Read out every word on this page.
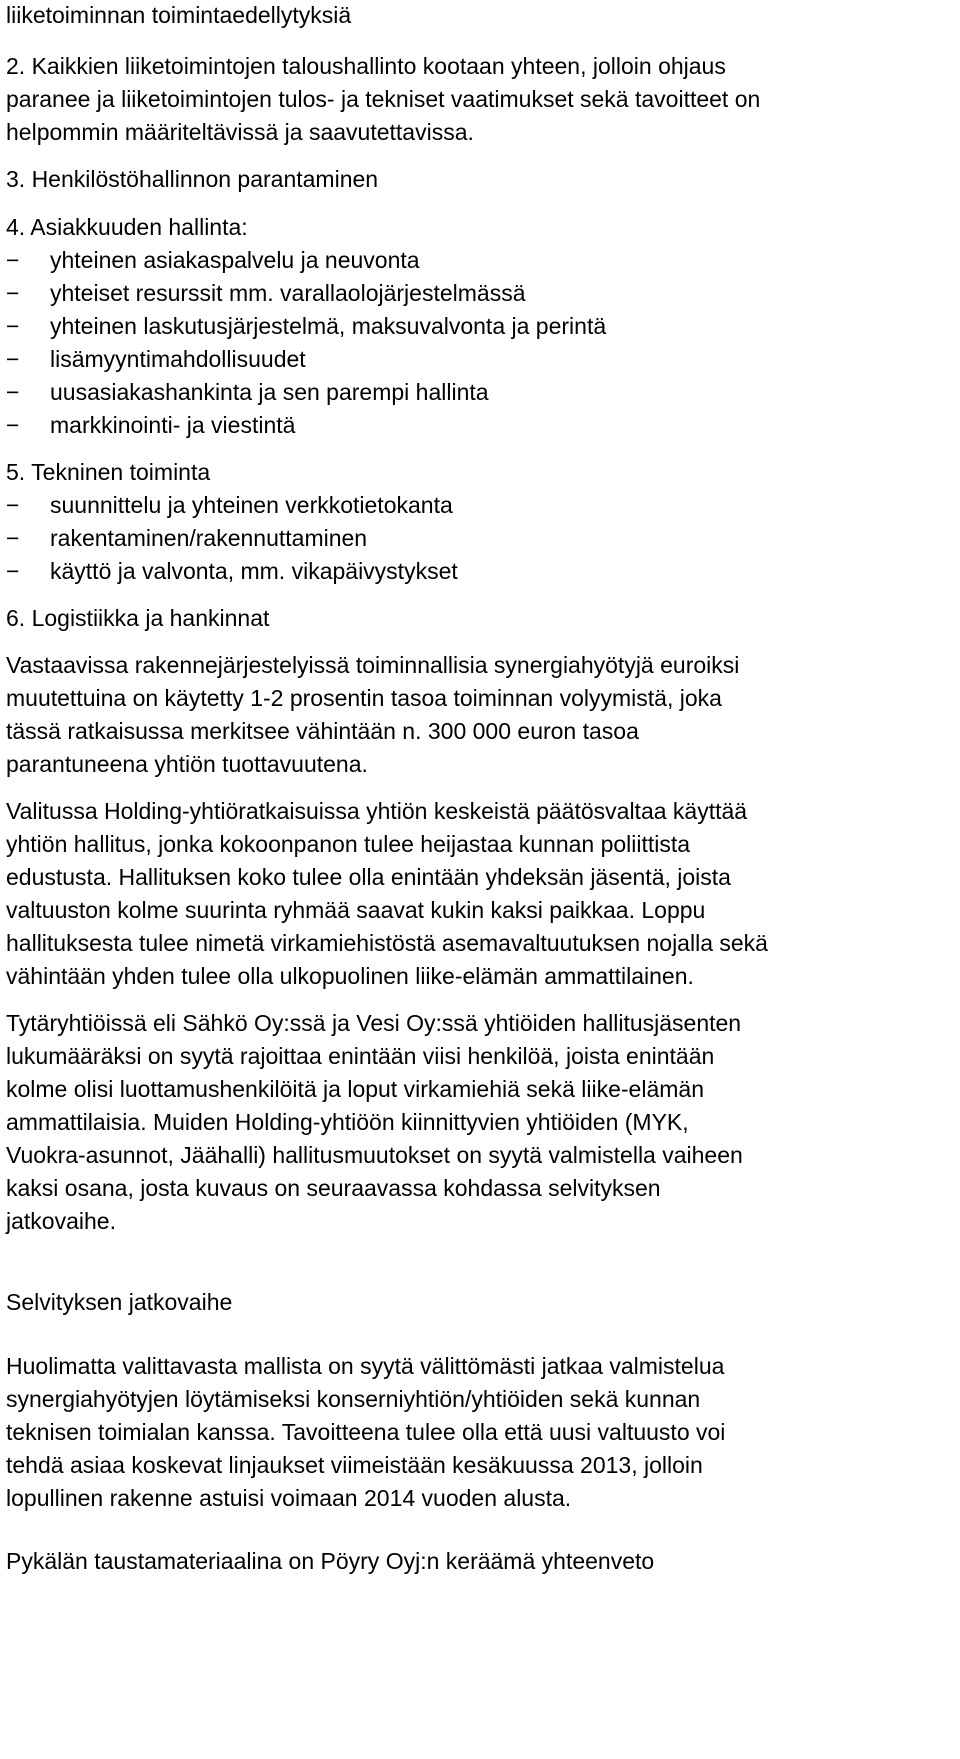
liiketoiminnan toimintaedellytyksiä

2. Kaikkien liiketoimintojen taloushallinto kootaan yhteen, jolloin ohjaus

paranee ja liiketoimintojen tulos- ja tekniset vaatimukset sekä tavoitteet on

helpommin määriteltävissä ja saavutettavissa.

3. Henkilöstöhallinnon parantaminen

4. Asiakkuuden hallinta:

−	yhteinen asiakaspalvelu ja neuvonta
−	yhteiset resurssit mm. varallaolojärjestelmässä
−	yhteinen laskutusjärjestelmä, maksuvalvonta ja perintä
−	lisämyyntimahdollisuudet
−	uusasiakashankinta ja sen parempi hallinta
−	markkinointi- ja viestintä

5. Tekninen toiminta

−	suunnittelu ja yhteinen verkkotietokanta
−	rakentaminen/rakennuttaminen
−	käyttö ja valvonta, mm. vikapäivystykset

6. Logistiikka ja hankinnat

Vastaavissa rakennejärjestelyissä toiminnallisia synergiahyötyjä euroiksi

muutettuina on käytetty 1-2 prosentin tasoa toiminnan volyymistä, joka

tässä ratkaisussa merkitsee vähintään n. 300 000 euron tasoa

parantuneena yhtiön tuottavuutena.

Valitussa Holding-yhtiöratkaisuissa yhtiön keskeistä päätösvaltaa käyttää

yhtiön hallitus, jonka kokoonpanon tulee heijastaa kunnan poliittista

edustusta. Hallituksen koko tulee olla enintään yhdeksän jäsentä, joista

valtuuston kolme suurinta ryhmää saavat kukin kaksi paikkaa. Loppu

hallituksesta tulee nimetä virkamiehistöstä asemavaltuutuksen nojalla sekä

vähintään yhden tulee olla ulkopuolinen liike-elämän ammattilainen.

Tytäryhtiöissä eli Sähkö Oy:ssä ja Vesi Oy:ssä yhtiöiden hallitusjäsenten

lukumääräksi on syytä rajoittaa enintään viisi henkilöä, joista enintään

kolme olisi luottamushenkilöitä ja loput virkamiehiä sekä liike-elämän

ammattilaisia. Muiden Holding-yhtiöön kiinnittyvien yhtiöiden (MYK,

Vuokra-asunnot, Jäähalli) hallitusmuutokset on syytä valmistella vaiheen

kaksi osana, josta kuvaus on seuraavassa kohdassa selvityksen

jatkovaihe.

Selvityksen jatkovaihe

Huolimatta valittavasta mallista on syytä välittömästi jatkaa valmistelua

synergiahyötyjen löytämiseksi konserniyhtiön/yhtiöiden sekä kunnan

teknisen toimialan kanssa. Tavoitteena tulee olla että uusi valtuusto voi

tehdä asiaa koskevat linjaukset viimeistään kesäkuussa 2013, jolloin

lopullinen rakenne astuisi voimaan 2014 vuoden alusta.

Pykälän taustamateriaalina on Pöyry Oyj:n keräämä yhteenveto
